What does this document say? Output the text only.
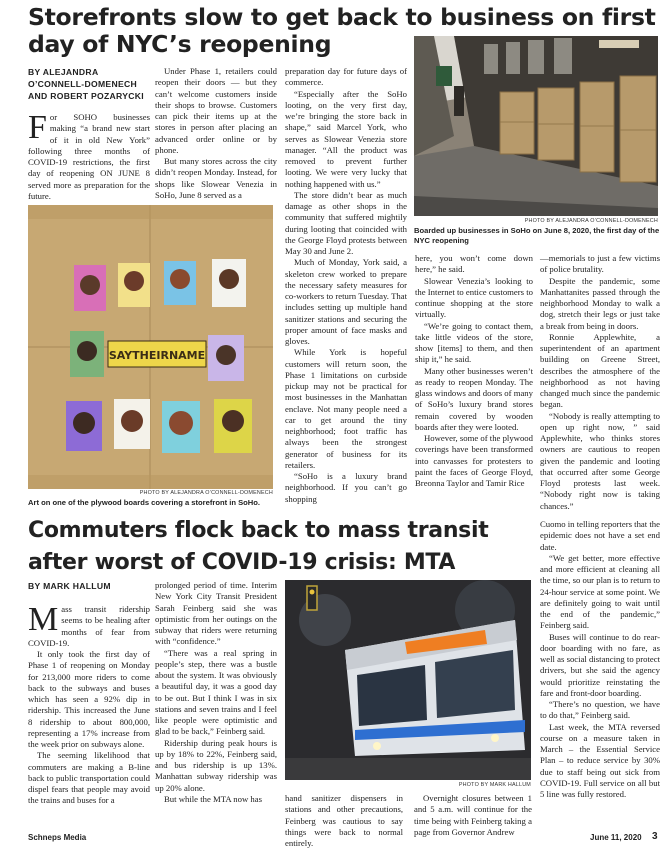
Storefronts slow to get back to business on first day of NYC’s reopening
BY ALEJANDRA O’CONNELL-DOMENECH AND ROBERT POZARYCKI

For SOHO businesses making “a brand new start of it in old New York” following three months of COVID-19 restrictions, the first day of reopening ON JUNE 8 served more as preparation for the future.

Under Phase 1, retailers could reopen their doors — but they can’t welcome customers inside their shops to browse. Customers can pick their items up at the stores in person after placing an advanced order online or by phone.

But many stores across the city didn’t reopen Monday. Instead, for shops like Slowear Venezia in SoHo, June 8 served as a

preparation day for future days of commerce.

“Especially after the SoHo looting, on the very first day, we’re bringing the store back in shape,” said Marcel York, who serves as Slowear Venezia store manager. “All the product was removed to prevent further looting. We were very lucky that nothing happened with us.”

The store didn’t bear as much damage as other shops in the community that suffered mightily during looting that coincided with the George Floyd protests between May 30 and June 2.

Much of Monday, York said, a skeleton crew worked to prepare the necessary safety measures for co-workers to return Tuesday. That includes setting up multiple hand sanitizer stations and securing the proper amount of face masks and gloves.

While York is hopeful customers will return soon, the Phase 1 limitations on curbside pickup may not be practical for most businesses in the Manhattan enclave. Not many people need a car to get around the tiny neighborhood; foot traffic has always been the strongest generator of business for its retailers.

“SoHo is a luxury brand neighborhood. If you can’t go shopping

PHOTO BY ALEJANDRA O’CONNELL-DOMENECH
Boarded up businesses in SoHo on June 8, 2020, the first day of the NYC reopening
SAYTHEIRNAME
PHOTO BY ALEJANDRA O’CONNELL-DOMENECH
Art on one of the plywood boards covering a storefront in SoHo.

here, you won’t come down here,” he said.

Slowear Venezia’s looking to the Internet to entice customers to continue shopping at the store virtually.

“We’re going to contact them, take little videos of the store, show [items] to them, and then ship it,” he said.

Many other businesses weren’t as ready to reopen Monday. The glass windows and doors of many of SoHo’s luxury brand stores remain covered by wooden boards after they were looted.

However, some of the plywood coverings have been transformed into canvasses for protesters to paint the faces of George Floyd, Breonna Taylor and Tamir Rice

—memorials to just a few victims of police brutality.

Despite the pandemic, some Manhattanites passed through the neighborhood Monday to walk a dog, stretch their legs or just take a break from being in doors.

Ronnie Applewhite, a superintendent of an apartment building on Greene Street, describes the atmosphere of the neighborhood as not having changed much since the pandemic began.

“Nobody is really attempting to open up right now, ” said Applewhite, who thinks stores owners are cautious to reopen given the pandemic and looting that occurred after some George Floyd protests last week. “Nobody right now is taking chances.”

Commuters flock back to mass transit after worst of COVID-19 crisis: MTA
BY MARK HALLUM

Mass transit ridership seems to be healing after months of fear from COVID-19.

It only took the first day of Phase 1 of reopening on Monday for 213,000 more riders to come back to the subways and buses which has seen a 92% dip in ridership. This increased the June 8 ridership to about 800,000, representing a 17% increase from the week prior on subways alone.

The seeming likelihood that commuters are making a B-line back to public transportation could dispel fears that people may avoid the trains and buses for a

prolonged period of time. Interim New York City Transit President Sarah Feinberg said she was optimistic from her outings on the subway that riders were returning with “confidence.”

“There was a real spring in people’s step, there was a bustle about the system. It was obviously a beautiful day, it was a good day to be out. But I think I was in six stations and seven trains and I feel like people were optimistic and glad to be back,” Feinberg said.

Ridership during peak hours is up by 18% to 22%, Feinberg said, and bus ridership is up 13%. Manhattan subway ridership was up 20% alone.

But while the MTA now has

PHOTO BY MARK HALLUM

hand sanitizer dispensers in stations and other precautions, Feinberg was cautious to say things were back to normal entirely.

Overnight closures between 1 and 5 a.m. will continue for the time being with Feinberg taking a page from Governor Andrew

Cuomo in telling reporters that the epidemic does not have a set end date.

“We get better, more effective and more efficient at cleaning all the time, so our plan is to return to 24-hour service at some point. We are definitely going to wait until the end of the pandemic,” Feinberg said.

Buses will continue to do rear-door boarding with no fare, as well as social distancing to protect drivers, but she said the agency would prioritize reinstating the fare and front-door boarding.

“There’s no question, we have to do that,” Feinberg said.

Last week, the MTA reversed course on a measure taken in March – the Essential Service Plan – to reduce service by 30% due to staff being out sick from COVID-19. Full service on all but 5 line was fully restored.

Schneps Media	June 11, 2020 3
